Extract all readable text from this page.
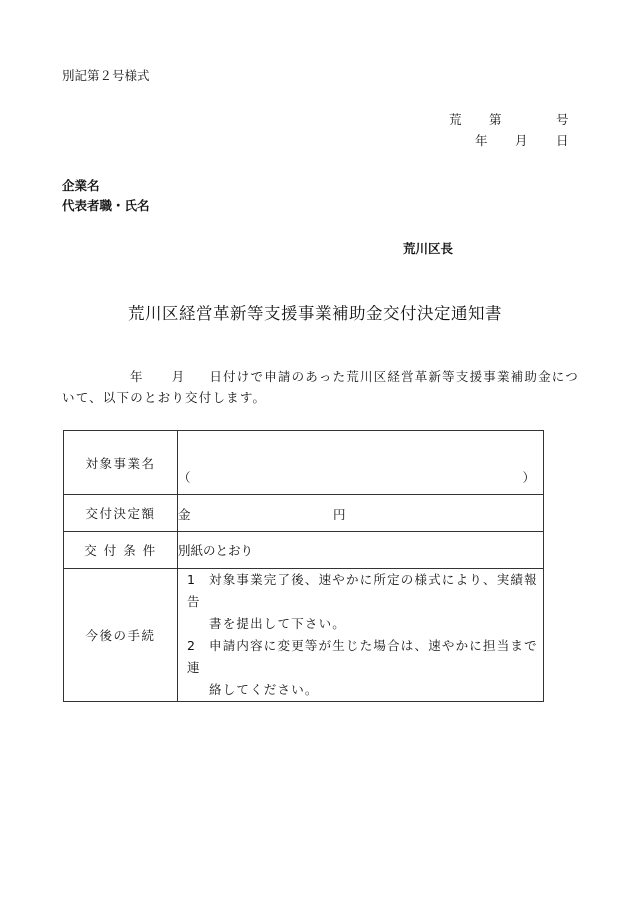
別記第２号様式
荒 第	号
年 月 日
企業名
代表者職・氏名
荒川区長
荒川区経営革新等支援事業補助金交付決定通知書
年 月 日付けで申請のあった荒川区経営革新等支援事業補助金につ
いて、以下のとおり交付します。
対象事業名	（ ）

交付決定額	金 円

交 付 条 件	別紙のとおり
今後の手続	1 対象事業完了後、速やかに所定の様式により、実績報告
書を提出して下さい。
2 申請内容に変更等が生じた場合は、速やかに担当まで連
絡してください。
